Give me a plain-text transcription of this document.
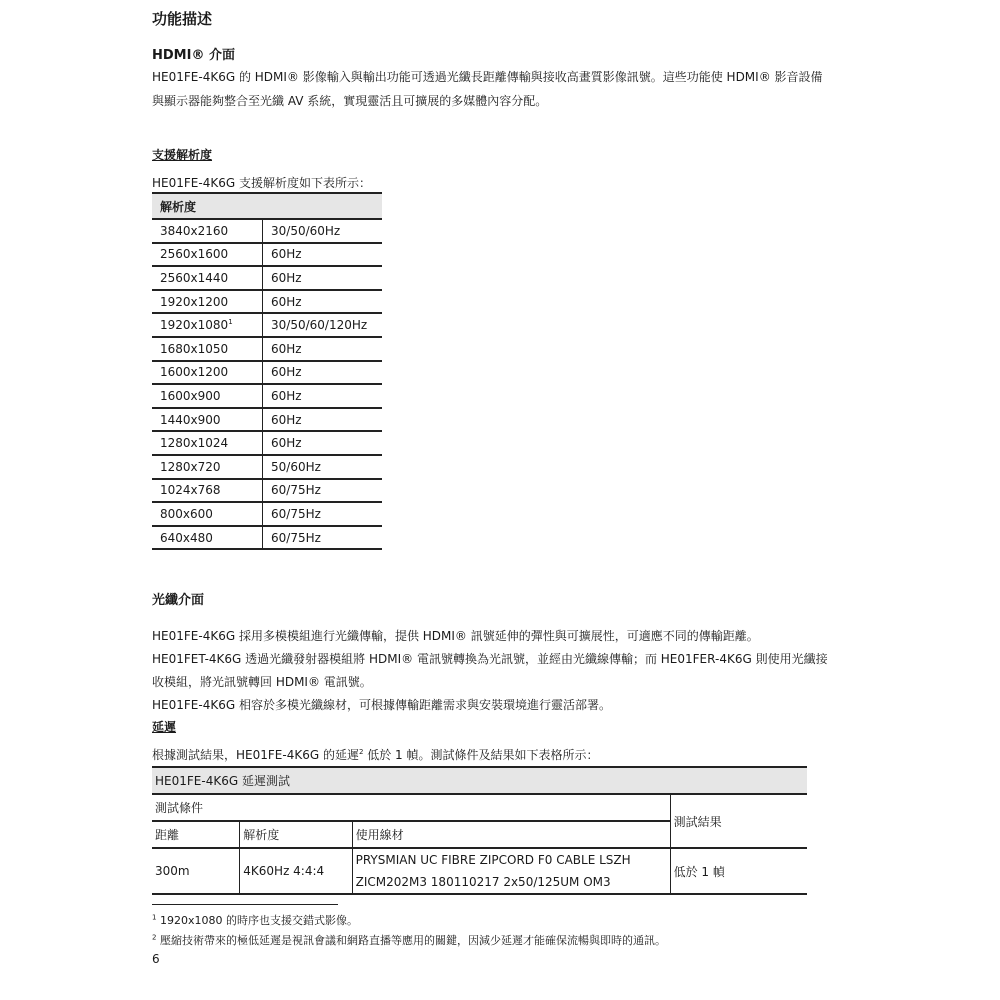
功能描述
HDMI® 介面
HE01FE-4K6G 的 HDMI® 影像輸入與輸出功能可透過光纖長距離傳輸與接收高畫質影像訊號。這些功能使 HDMI® 影音設備
與顯示器能夠整合至光纖 AV 系統，實現靈活且可擴展的多媒體內容分配。
支援解析度
HE01FE-4K6G 支援解析度如下表所示：
解析度	
3840x2160	30/50/60Hz
2560x1600	60Hz
2560x1440	60Hz
1920x1200	60Hz
1920x1080$^1$	30/50/60/120Hz
1680x1050	60Hz
1600x1200	60Hz
1600x900	60Hz
1440x900	60Hz
1280x1024	60Hz
1280x720	50/60Hz
1024x768	60/75Hz
800x600	60/75Hz
640x480	60/75Hz
光纖介面
HE01FE-4K6G 採用多模模組進行光纖傳輸，提供 HDMI® 訊號延伸的彈性與可擴展性，可適應不同的傳輸距離。
HE01FET-4K6G 透過光纖發射器模組將 HDMI® 電訊號轉換為光訊號，並經由光纖線傳輸；而 HE01FER-4K6G 則使用光纖接
收模組，將光訊號轉回 HDMI® 電訊號。
HE01FE-4K6G 相容於多模光纖線材，可根據傳輸距離需求與安裝環境進行靈活部署。
延遲
根據測試結果，HE01FE-4K6G 的延遲$^2$ 低於 1 幀。測試條件及結果如下表格所示：
HE01FE-4K6G 延遲測試			
測試條件			測試結果
距離	解析度	使用線材	
300m	4K60Hz 4:4:4	PRYSMIAN UC FIBRE ZIPCORD F0 CABLE LSZH
ZICM202M3 180110217 2x50/125UM OM3	低於 1 幀
$^1$ 1920x1080 的時序也支援交錯式影像。
$^2$ 壓縮技術帶來的極低延遲是視訊會議和網路直播等應用的關鍵，因減少延遲才能確保流暢與即時的通訊。
6
